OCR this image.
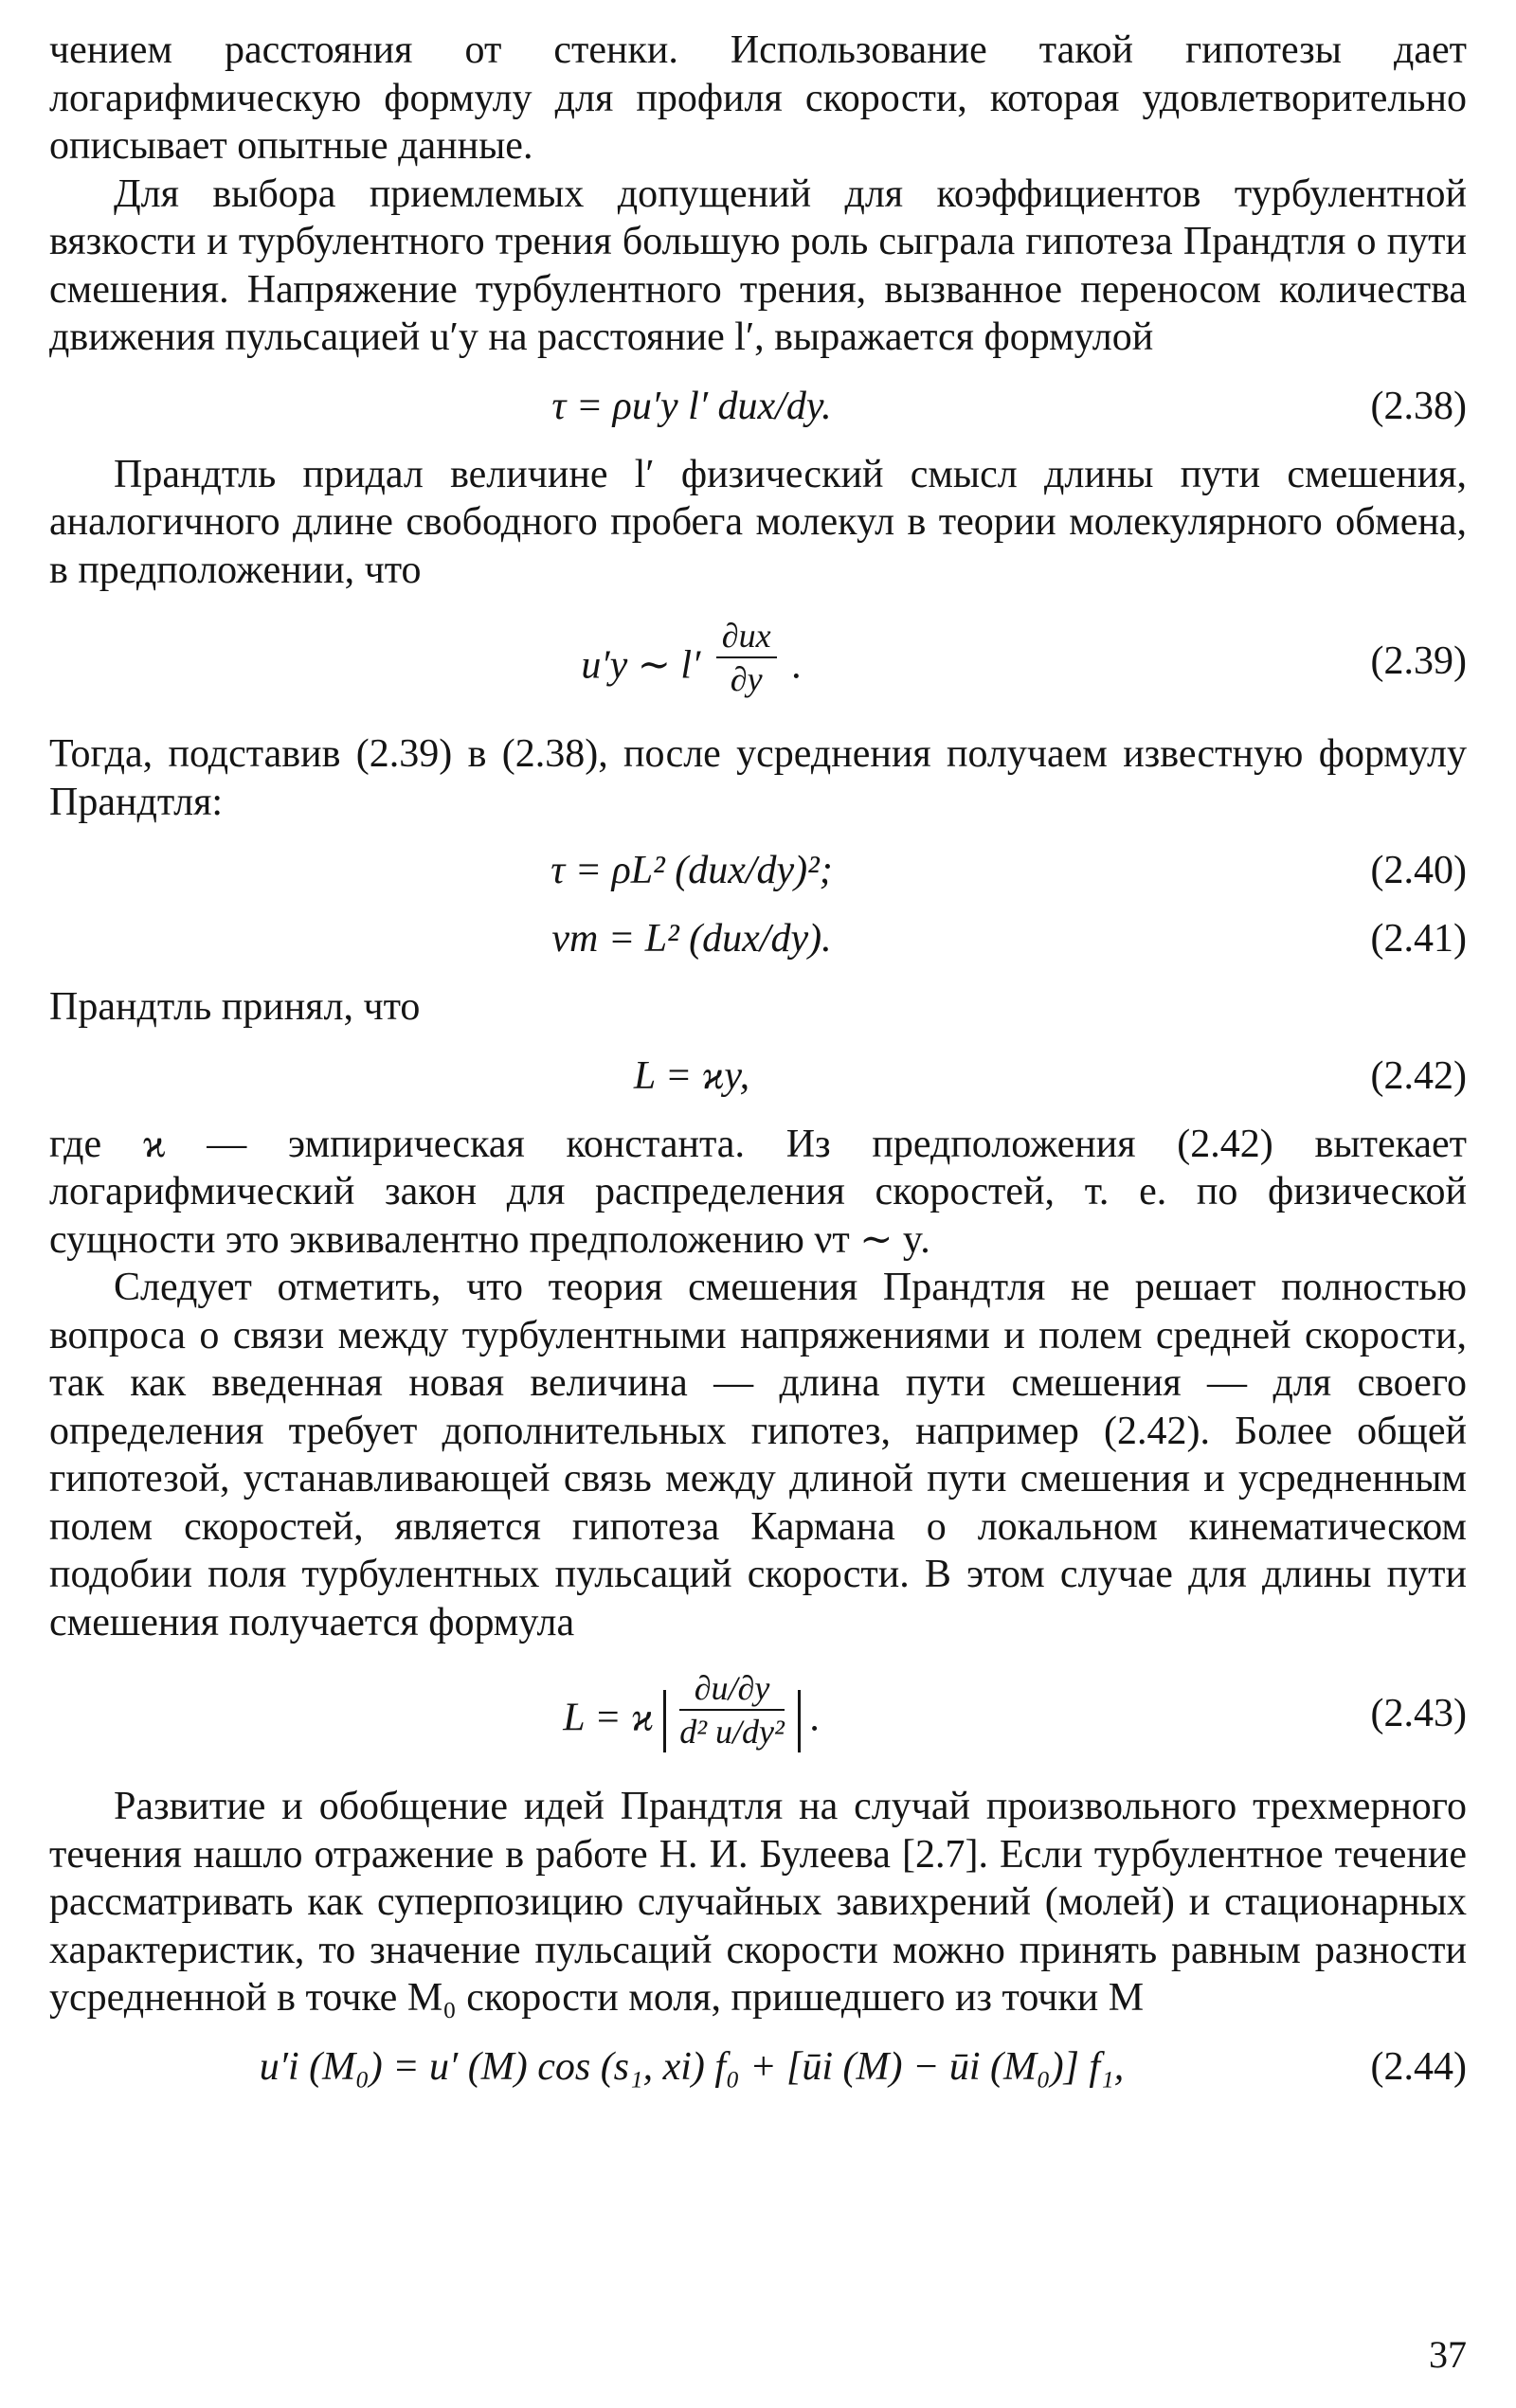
чением расстояния от стенки. Использование такой гипотезы дает логарифмическую формулу для профиля скорости, которая удовлетворительно описывает опытные данные.

Для выбора приемлемых допущений для коэффициентов турбулентной вязкости и турбулентного трения большую роль сыграла гипотеза Прандтля о пути смешения. Напряжение турбулентного трения, вызванное переносом количества движения пульсацией u′y на расстояние l′, выражается формулой

τ = ρu′y l′ dux/dy.	(2.38)

Прандтль придал величине l′ физический смысл длины пути смешения, аналогичного длине свободного пробега молекул в теории молекулярного обмена, в предположении, что

u′y ∼ $l' \frac{\partial ux}{\partial y}$ .	(2.39)

Тогда, подставив (2.39) в (2.38), после усреднения получаем известную формулу Прандтля:

τ = ρL² (dux/dy)²;	(2.40)
νт = L² (dux/dy).	(2.41)

Прандтль принял, что

L = ϰy,	(2.42)

где ϰ — эмпирическая константа. Из предположения (2.42) вытекает логарифмический закон для распределения скоростей, т. е. по физической сущности это эквивалентно предположению νт ∼ y.

Следует отметить, что теория смешения Прандтля не решает полностью вопроса о связи между турбулентными напряжениями и полем средней скорости, так как введенная новая величина — длина пути смешения — для своего определения требует дополнительных гипотез, например (2.42). Более общей гипотезой, устанавливающей связь между длиной пути смешения и усредненным полем скоростей, является гипотеза Кармана о локальном кинематическом подобии поля турбулентных пульсаций скорости. В этом случае для длины пути смешения получается формула

L = ϰ $\frac{\partial u/\partial y}{\text{d² u/dy²}}$ .	(2.43)

Развитие и обобщение идей Прандтля на случай произвольного трехмерного течения нашло отражение в работе Н. И. Булеева [2.7]. Если турбулентное течение рассматривать как суперпозицию случайных завихрений (молей) и стационарных характеристик, то значение пульсаций скорости можно принять равным разности усредненной в точке M₀ скорости моля, пришедшего из точки M

u′i (M₀) = u′ (M) cos (s₁, xi) f₀ + [ūi (M) − ūi (M₀)] f₁,	(2.44)
37
